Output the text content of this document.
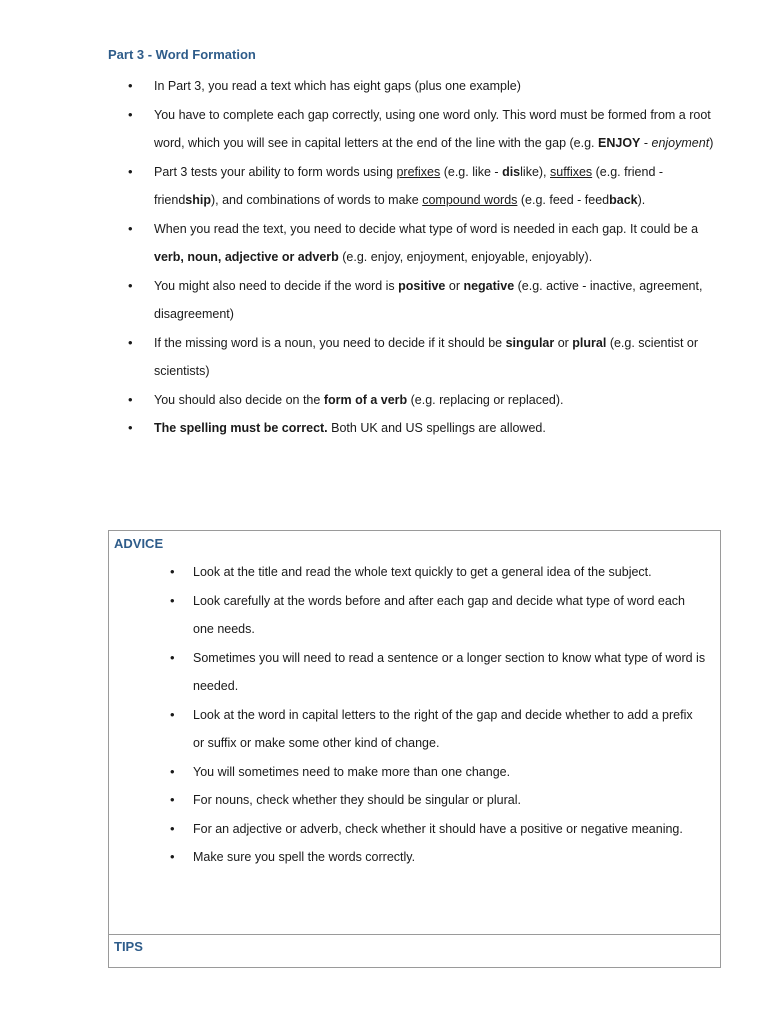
Part 3 - Word Formation
• In Part 3, you read a text which has eight gaps (plus one example)
• You have to complete each gap correctly, using one word only. This word must be formed from a root word, which you will see in capital letters at the end of the line with the gap (e.g. ENJOY - enjoyment)
• Part 3 tests your ability to form words using prefixes (e.g. like - dislike), suffixes (e.g. friend - friendship), and combinations of words to make compound words (e.g. feed - feedback).
• When you read the text, you need to decide what type of word is needed in each gap. It could be a verb, noun, adjective or adverb (e.g. enjoy, enjoyment, enjoyable, enjoyably).
• You might also need to decide if the word is positive or negative (e.g. active - inactive, agreement, disagreement)
• If the missing word is a noun, you need to decide if it should be singular or plural (e.g. scientist or scientists)
• You should also decide on the form of a verb (e.g. replacing or replaced).
• The spelling must be correct. Both UK and US spellings are allowed.
ADVICE
• Look at the title and read the whole text quickly to get a general idea of the subject.
• Look carefully at the words before and after each gap and decide what type of word each one needs.
• Sometimes you will need to read a sentence or a longer section to know what type of word is needed.
• Look at the word in capital letters to the right of the gap and decide whether to add a prefix or suffix or make some other kind of change.
• You will sometimes need to make more than one change.
• For nouns, check whether they should be singular or plural.
• For an adjective or adverb, check whether it should have a positive or negative meaning.
• Make sure you spell the words correctly.
TIPS
